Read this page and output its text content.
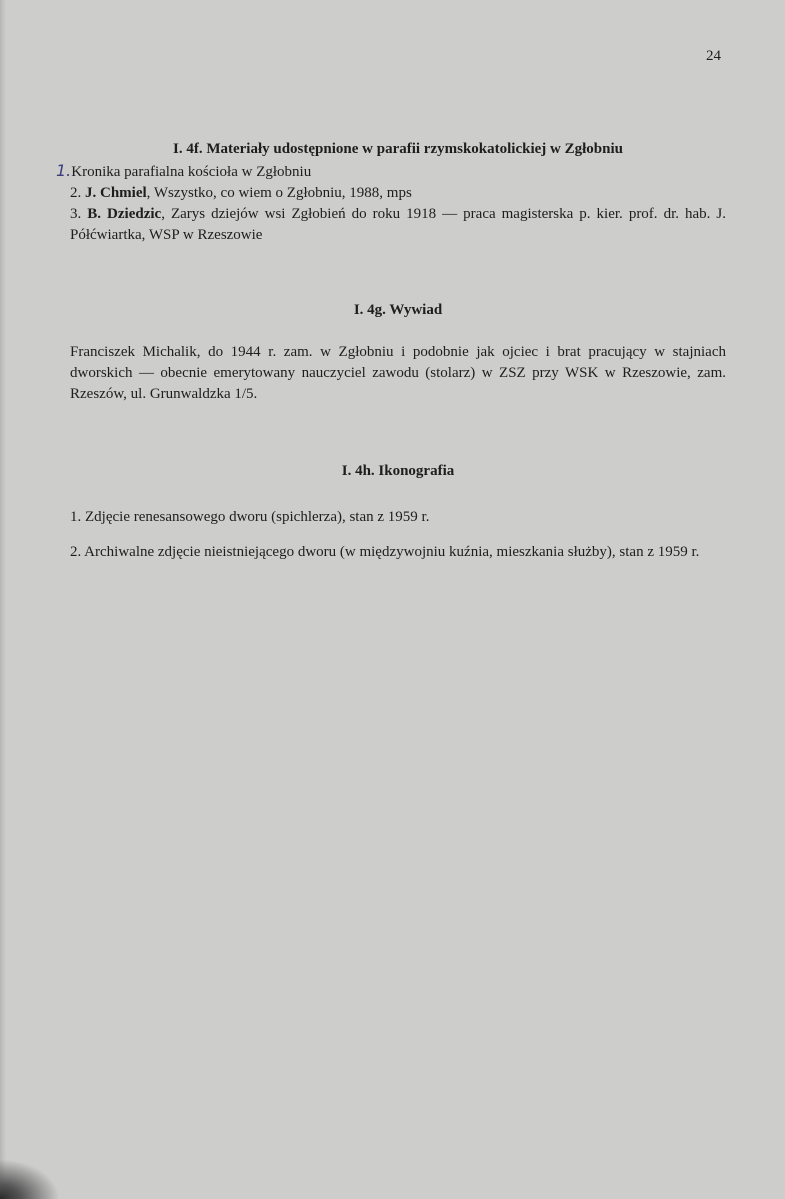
24

I. 4f. Materiały udostępnione w parafii rzymskokatolickiej w Zgłobniu

1.Kronika parafialna kościoła w Zgłobniu
2. J. Chmiel, Wszystko, co wiem o Zgłobniu, 1988, mps
3. B. Dziedzic, Zarys dziejów wsi Zgłobień do roku 1918 — praca magisterska p. kier. prof. dr. hab. J. Półćwiartka, WSP w Rzeszowie

I. 4g. Wywiad

Franciszek Michalik, do 1944 r. zam. w Zgłobniu i podobnie jak ojciec i brat pracujący w stajniach dworskich — obecnie emerytowany nauczyciel zawodu (stolarz) w ZSZ przy WSK w Rzeszowie, zam. Rzeszów, ul. Grunwaldzka 1/5.

I. 4h. Ikonografia

1. Zdjęcie renesansowego dworu (spichlerza), stan z 1959 r.

2. Archiwalne zdjęcie nieistniejącego dworu (w międzywojniu kuźnia, mieszkania służby), stan z 1959 r.
